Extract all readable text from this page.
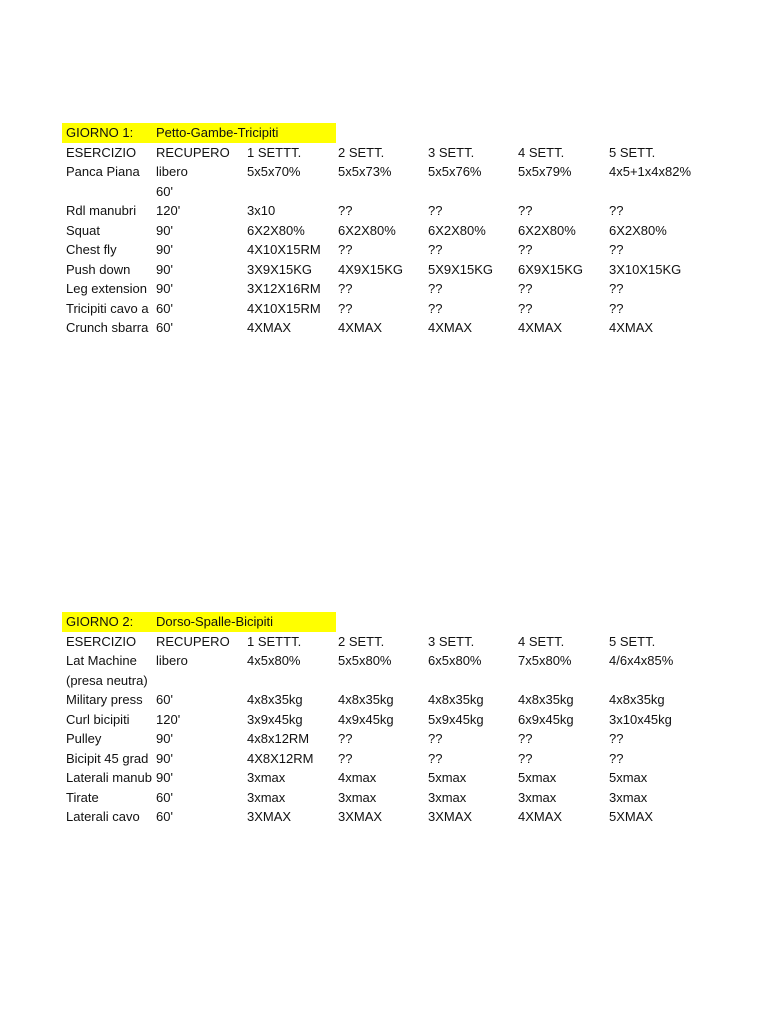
GIORNO 1:	Petto-Gambe-Tricipiti
ESERCIZIO	RECUPERO	1 SETTT.	2 SETT.	3 SETT.	4 SETT.	5 SETT.
Panca Piana	libero	5x5x70%	5x5x73%	5x5x76%	5x5x79%	4x5+1x4x82%
60'
Rdl manubri	120'	3x10	??	??	??	??
Squat	90'	6X2X80%	6X2X80%	6X2X80%	6X2X80%	6X2X80%
Chest fly	90'	4X10X15RM	??	??	??	??
Push down	90'	3X9X15KG	4X9X15KG	5X9X15KG	6X9X15KG	3X10X15KG
Leg extension 90'	3X12X16RM	??	??	??	??
Tricipiti cavo a 60'	4X10X15RM	??	??	??	??
Crunch sbarra 60'	4XMAX	4XMAX	4XMAX	4XMAX	4XMAX
GIORNO 2:	Dorso-Spalle-Bicipiti
ESERCIZIO	RECUPERO	1 SETTT.	2 SETT.	3 SETT.	4 SETT.	5 SETT.
Lat Machine	libero	4x5x80%	5x5x80%	6x5x80%	7x5x80%	4/6x4x85%
(presa neutra)
Military press	60'	4x8x35kg	4x8x35kg	4x8x35kg	4x8x35kg	4x8x35kg
Curl bicipiti	120'	3x9x45kg	4x9x45kg	5x9x45kg	6x9x45kg	3x10x45kg
Pulley	90'	4x8x12RM	??	??	??	??
Bicipit 45 grad 90'	4X8X12RM	??	??	??	??
Laterali manub 90'	3xmax	4xmax	5xmax	5xmax	5xmax
Tirate	60'	3xmax	3xmax	3xmax	3xmax	3xmax
Laterali cavo	60'	3XMAX	3XMAX	3XMAX	4XMAX	5XMAX
